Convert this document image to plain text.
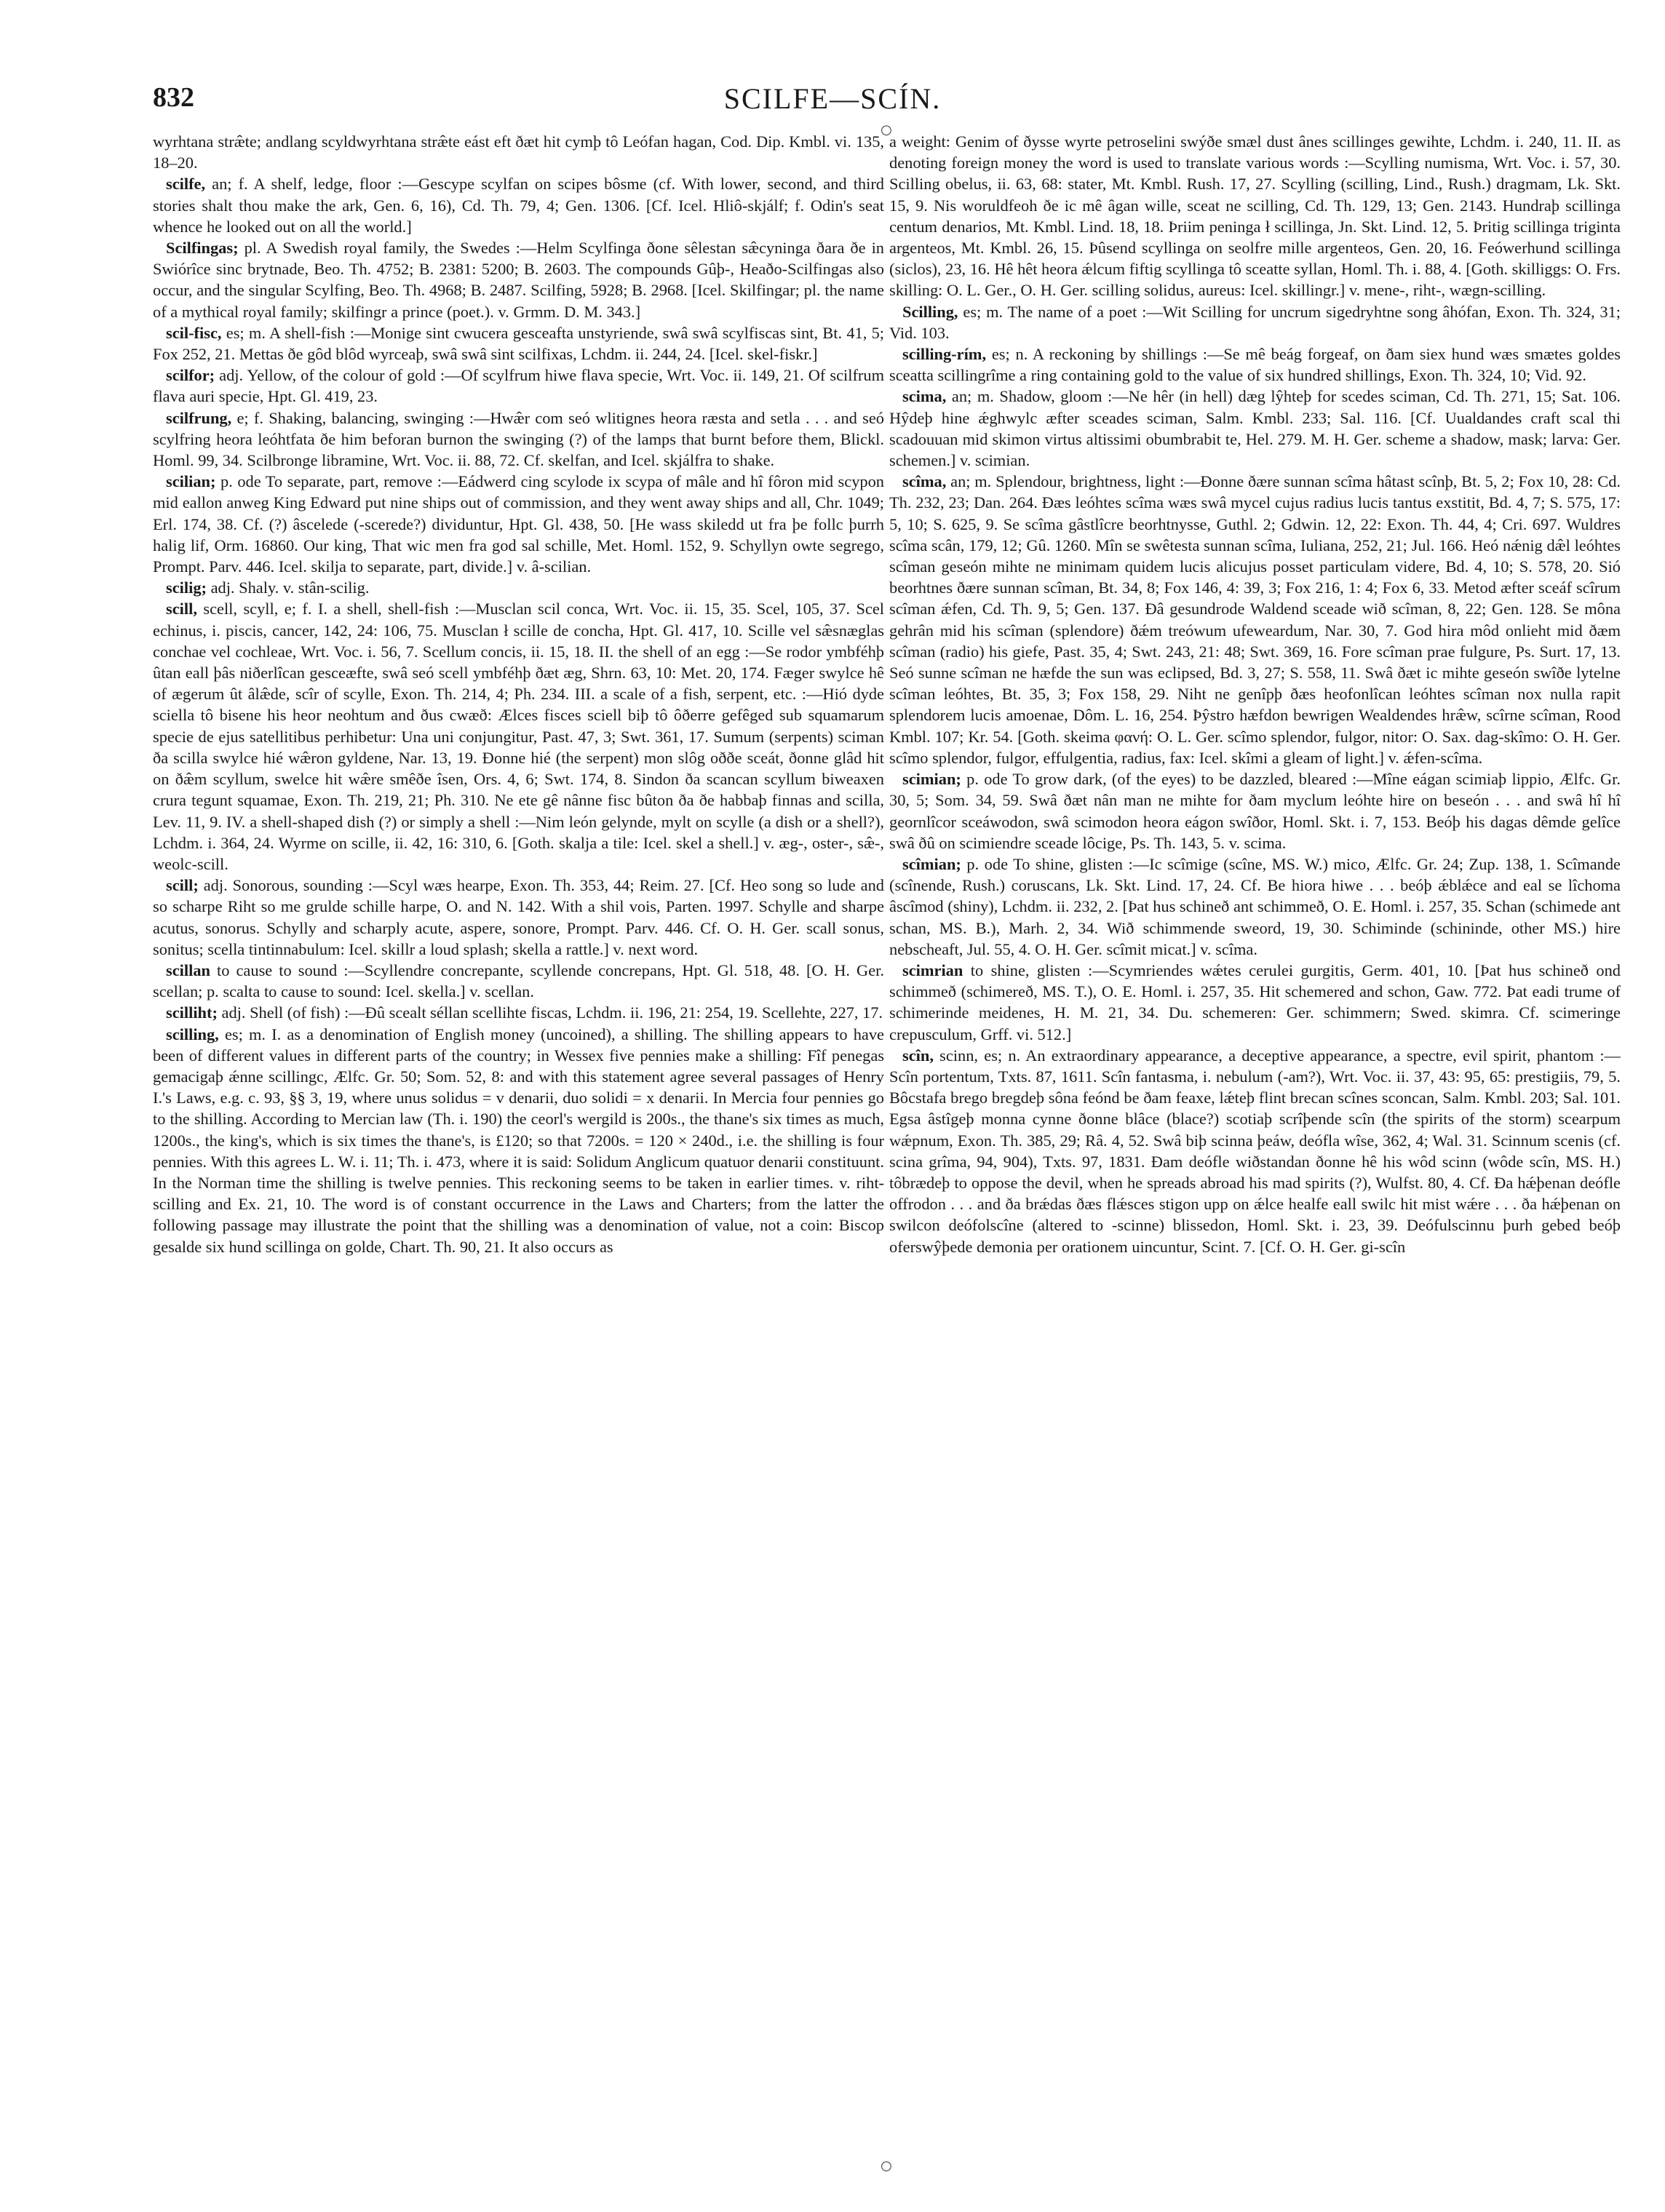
832	SCILFE—SCÍN.
○
○

wyrhtana stræ̂te; andlang scyldwyrhtana stræ̂te eást eft ðæt hit cymþ tô Leófan hagan, Cod. Dip. Kmbl. vi. 135, 18–20.

scilfe, an; f. A shelf, ledge, floor :—Gescype scylfan on scipes bôsme (cf. With lower, second, and third stories shalt thou make the ark, Gen. 6, 16), Cd. Th. 79, 4; Gen. 1306. [Cf. Icel. Hliô-skjálf; f. Odin's seat whence he looked out on all the world.]

Scilfingas; pl. A Swedish royal family, the Swedes :—Helm Scylfinga ðone sêlestan sæ̂cyninga ðara ðe in Swiórîce sinc brytnade, Beo. Th. 4752; B. 2381: 5200; B. 2603. The compounds Gûþ-, Heaðo-Scilfingas also occur, and the singular Scylfing, Beo. Th. 4968; B. 2487. Scilfing, 5928; B. 2968. [Icel. Skilfingar; pl. the name of a mythical royal family; skilfingr a prince (poet.). v. Grmm. D. M. 343.]

scil-fisc, es; m. A shell-fish :—Monige sint cwucera gesceafta unstyriende, swâ swâ scylfiscas sint, Bt. 41, 5; Fox 252, 21. Mettas ðe gôd blôd wyrceaþ, swâ swâ sint scilfixas, Lchdm. ii. 244, 24. [Icel. skel-fiskr.]

scilfor; adj. Yellow, of the colour of gold :—Of scylfrum hiwe flava specie, Wrt. Voc. ii. 149, 21. Of scilfrum flava auri specie, Hpt. Gl. 419, 23.

scilfrung, e; f. Shaking, balancing, swinging :—Hwæ̂r com seó wlitignes heora ræsta and setla . . . and seó scylfring heora leóhtfata ðe him beforan burnon the swinging (?) of the lamps that burnt before them, Blickl. Homl. 99, 34. Scilbronge libramine, Wrt. Voc. ii. 88, 72. Cf. skelfan, and Icel. skjálfra to shake.

scilian; p. ode To separate, part, remove :—Eádwerd cing scylode ix scypa of mâle and hî fôron mid scypon mid eallon anweg King Edward put nine ships out of commission, and they went away ships and all, Chr. 1049; Erl. 174, 38. Cf. (?) âscelede (-scerede?) dividuntur, Hpt. Gl. 438, 50. [He wass skiledd ut fra þe follc þurrh halig lif, Orm. 16860. Our king, That wic men fra god sal schille, Met. Homl. 152, 9. Schyllyn owte segrego, Prompt. Parv. 446. Icel. skilja to separate, part, divide.] v. â-scilian.

scilig; adj. Shaly. v. stân-scilig.

scill, scell, scyll, e; f. I. a shell, shell-fish :—Musclan scil conca, Wrt. Voc. ii. 15, 35. Scel, 105, 37. Scel echinus, i. piscis, cancer, 142, 24: 106, 75. Musclan ł scille de concha, Hpt. Gl. 417, 10. Scille vel sæ̂snæglas conchae vel cochleae, Wrt. Voc. i. 56, 7. Scellum concis, ii. 15, 18. II. the shell of an egg :—Se rodor ymbféhþ ûtan eall þâs niðerlîcan gesceæfte, swâ seó scell ymbféhþ ðæt æg, Shrn. 63, 10: Met. 20, 174. Fæger swylce hê of ægerum ût âlæ̂de, scîr of scylle, Exon. Th. 214, 4; Ph. 234. III. a scale of a fish, serpent, etc. :—Hió dyde sciella tô bisene his heor neohtum and ðus cwæð: Ælces fisces sciell biþ tô ôðerre gefêged sub squamarum specie de ejus satellitibus perhibetur: Una uni conjungitur, Past. 47, 3; Swt. 361, 17. Sumum (serpents) sciman ða scilla swylce hié wæ̂ron gyldene, Nar. 13, 19. Ðonne hié (the serpent) mon slôg oððe sceát, ðonne glâd hit on ðæ̂m scyllum, swelce hit wæ̂re smêðe îsen, Ors. 4, 6; Swt. 174, 8. Sindon ða scancan scyllum biweaxen crura tegunt squamae, Exon. Th. 219, 21; Ph. 310. Ne ete gê nânne fisc bûton ða ðe habbaþ finnas and scilla, Lev. 11, 9. IV. a shell-shaped dish (?) or simply a shell :—Nim león gelynde, mylt on scylle (a dish or a shell?), Lchdm. i. 364, 24. Wyrme on scille, ii. 42, 16: 310, 6. [Goth. skalja a tile: Icel. skel a shell.] v. æg-, oster-, sæ̂-, weolc-scill.

scill; adj. Sonorous, sounding :—Scyl wæs hearpe, Exon. Th. 353, 44; Reim. 27. [Cf. Heo song so lude and so scharpe Riht so me grulde schille harpe, O. and N. 142. With a shil vois, Parten. 1997. Schylle and sharpe acutus, sonorus. Schylly and scharply acute, aspere, sonore, Prompt. Parv. 446. Cf. O. H. Ger. scall sonus, sonitus; scella tintinnabulum: Icel. skillr a loud splash; skella a rattle.] v. next word.

scillan to cause to sound :—Scyllendre concrepante, scyllende concrepans, Hpt. Gl. 518, 48. [O. H. Ger. scellan; p. scalta to cause to sound: Icel. skella.] v. scellan.

scilliht; adj. Shell (of fish) :—Ðû scealt séllan scellihte fiscas, Lchdm. ii. 196, 21: 254, 19. Scellehte, 227, 17.

scilling, es; m. I. as a denomination of English money (uncoined), a shilling. The shilling appears to have been of different values in different parts of the country; in Wessex five pennies make a shilling: Fîf penegas gemacigaþ ǽnne scillingc, Ælfc. Gr. 50; Som. 52, 8: and with this statement agree several passages of Henry I.'s Laws, e.g. c. 93, §§ 3, 19, where unus solidus = v denarii, duo solidi = x denarii. In Mercia four pennies go to the shilling. According to Mercian law (Th. i. 190) the ceorl's wergild is 200s., the thane's six times as much, 1200s., the king's, which is six times the thane's, is £120; so that 7200s. = 120 × 240d., i.e. the shilling is four pennies. With this agrees L. W. i. 11; Th. i. 473, where it is said: Solidum Anglicum quatuor denarii constituunt. In the Norman time the shilling is twelve pennies. This reckoning seems to be taken in earlier times. v. riht-scilling and Ex. 21, 10. The word is of constant occurrence in the Laws and Charters; from the latter the following passage may illustrate the point that the shilling was a denomination of value, not a coin: Biscop gesalde six hund scillinga on golde, Chart. Th. 90, 21. It also occurs as

a weight: Genim of ðysse wyrte petroselini swýðe smæl dust ânes scillinges gewihte, Lchdm. i. 240, 11. II. as denoting foreign money the word is used to translate various words :—Scylling numisma, Wrt. Voc. i. 57, 30. Scilling obelus, ii. 63, 68: stater, Mt. Kmbl. Rush. 17, 27. Scylling (scilling, Lind., Rush.) dragmam, Lk. Skt. 15, 9. Nis woruldfeoh ðe ic mê âgan wille, sceat ne scilling, Cd. Th. 129, 13; Gen. 2143. Hundraþ scillinga centum denarios, Mt. Kmbl. Lind. 18, 18. Þriim peninga ł scillinga, Jn. Skt. Lind. 12, 5. Þritig scillinga triginta argenteos, Mt. Kmbl. 26, 15. Þûsend scyllinga on seolfre mille argenteos, Gen. 20, 16. Feówerhund scillinga (siclos), 23, 16. Hê hêt heora ǽlcum fiftig scyllinga tô sceatte syllan, Homl. Th. i. 88, 4. [Goth. skilliggs: O. Frs. skilling: O. L. Ger., O. H. Ger. scilling solidus, aureus: Icel. skillingr.] v. mene-, riht-, wægn-scilling.

Scilling, es; m. The name of a poet :—Wit Scilling for uncrum sigedryhtne song âhófan, Exon. Th. 324, 31; Vid. 103.

scilling-rím, es; n. A reckoning by shillings :—Se mê beág forgeaf, on ðam siex hund wæs smætes goldes sceatta scillingrîme a ring containing gold to the value of six hundred shillings, Exon. Th. 324, 10; Vid. 92.

scima, an; m. Shadow, gloom :—Ne hêr (in hell) dæg lŷhteþ for scedes sciman, Cd. Th. 271, 15; Sat. 106. Hŷdeþ hine ǽghwylc æfter sceades sciman, Salm. Kmbl. 233; Sal. 116. [Cf. Uualdandes craft scal thi scadouuan mid skimon virtus altissimi obumbrabit te, Hel. 279. M. H. Ger. scheme a shadow, mask; larva: Ger. schemen.] v. scimian.

scîma, an; m. Splendour, brightness, light :—Ðonne ðære sunnan scîma hâtast scînþ, Bt. 5, 2; Fox 10, 28: Cd. Th. 232, 23; Dan. 264. Ðæs leóhtes scîma wæs swâ mycel cujus radius lucis tantus exstitit, Bd. 4, 7; S. 575, 17: 5, 10; S. 625, 9. Se scîma gâstlîcre beorhtnysse, Guthl. 2; Gdwin. 12, 22: Exon. Th. 44, 4; Cri. 697. Wuldres scîma scân, 179, 12; Gû. 1260. Mîn se swêtesta sunnan scîma, Iuliana, 252, 21; Jul. 166. Heó nǽnig dæ̂l leóhtes scîman geseón mihte ne minimam quidem lucis alicujus posset particulam videre, Bd. 4, 10; S. 578, 20. Sió beorhtnes ðære sunnan scîman, Bt. 34, 8; Fox 146, 4: 39, 3; Fox 216, 1: 4; Fox 6, 33. Metod æfter sceáf scîrum scîman ǽfen, Cd. Th. 9, 5; Gen. 137. Ðâ gesundrode Waldend sceade wið scîman, 8, 22; Gen. 128. Se môna gehrân mid his scîman (splendore) ðǽm treówum ufeweardum, Nar. 30, 7. God hira môd onlieht mid ðæm scîman (radio) his giefe, Past. 35, 4; Swt. 243, 21: 48; Swt. 369, 16. Fore scîman prae fulgure, Ps. Surt. 17, 13. Seó sunne scîman ne hæfde the sun was eclipsed, Bd. 3, 27; S. 558, 11. Swâ ðæt ic mihte geseón swîðe lytelne scîman leóhtes, Bt. 35, 3; Fox 158, 29. Niht ne genîpþ ðæs heofonlîcan leóhtes scîman nox nulla rapit splendorem lucis amoenae, Dôm. L. 16, 254. Þŷstro hæfdon bewrigen Wealdendes hræ̂w, scîrne scîman, Rood Kmbl. 107; Kr. 54. [Goth. skeima φανή: O. L. Ger. scîmo splendor, fulgor, nitor: O. Sax. dag-skîmo: O. H. Ger. scîmo splendor, fulgor, effulgentia, radius, fax: Icel. skîmi a gleam of light.] v. ǽfen-scîma.

scimian; p. ode To grow dark, (of the eyes) to be dazzled, bleared :—Mîne eágan scimiaþ lippio, Ælfc. Gr. 30, 5; Som. 34, 59. Swâ ðæt nân man ne mihte for ðam myclum leóhte hire on beseón . . . and swâ hî hî geornlîcor sceáwodon, swâ scimodon heora eágon swîðor, Homl. Skt. i. 7, 153. Beóþ his dagas dêmde gelîce swâ ðû on scimiendre sceade lôcige, Ps. Th. 143, 5. v. scima.

scîmian; p. ode To shine, glisten :—Ic scîmige (scîne, MS. W.) mico, Ælfc. Gr. 24; Zup. 138, 1. Scîmande (scînende, Rush.) coruscans, Lk. Skt. Lind. 17, 24. Cf. Be hiora hiwe . . . beóþ ǽblǽce and eal se lîchoma âscîmod (shiny), Lchdm. ii. 232, 2. [Þat hus schineð ant schimmeð, O. E. Homl. i. 257, 35. Schan (schimede ant schan, MS. B.), Marh. 2, 34. Wið schimmende sweord, 19, 30. Schiminde (schininde, other MS.) hire nebscheaft, Jul. 55, 4. O. H. Ger. scîmit micat.] v. scîma.

scimrian to shine, glisten :—Scymriendes wǽtes cerulei gurgitis, Germ. 401, 10. [Þat hus schineð ond schimmeð (schimereð, MS. T.), O. E. Homl. i. 257, 35. Hit schemered and schon, Gaw. 772. Þat eadi trume of schimerinde meidenes, H. M. 21, 34. Du. schemeren: Ger. schimmern; Swed. skimra. Cf. scimeringe crepusculum, Grff. vi. 512.]

scîn, scinn, es; n. An extraordinary appearance, a deceptive appearance, a spectre, evil spirit, phantom :—Scîn portentum, Txts. 87, 1611. Scîn fantasma, i. nebulum (-am?), Wrt. Voc. ii. 37, 43: 95, 65: prestigiis, 79, 5. Bôcstafa brego bregdeþ sôna feónd be ðam feaxe, lǽteþ flint brecan scînes sconcan, Salm. Kmbl. 203; Sal. 101. Egsa âstîgeþ monna cynne ðonne blâce (blace?) scotiaþ scrîþende scîn (the spirits of the storm) scearpum wǽpnum, Exon. Th. 385, 29; Râ. 4, 52. Swâ biþ scinna þeáw, deófla wîse, 362, 4; Wal. 31. Scinnum scenis (cf. scina grîma, 94, 904), Txts. 97, 1831. Ðam deófle wiðstandan ðonne hê his wôd scinn (wôde scîn, MS. H.) tôbrædeþ to oppose the devil, when he spreads abroad his mad spirits (?), Wulfst. 80, 4. Cf. Ða hǽþenan deófle offrodon . . . and ða brǽdas ðæs flǽsces stigon upp on ǽlce healfe eall swilc hit mist wǽre . . . ða hǽþenan on swilcon deófolscîne (altered to -scinne) blissedon, Homl. Skt. i. 23, 39. Deófulscinnu þurh gebed beóþ oferswŷþede demonia per orationem uincuntur, Scint. 7. [Cf. O. H. Ger. gi-scîn
